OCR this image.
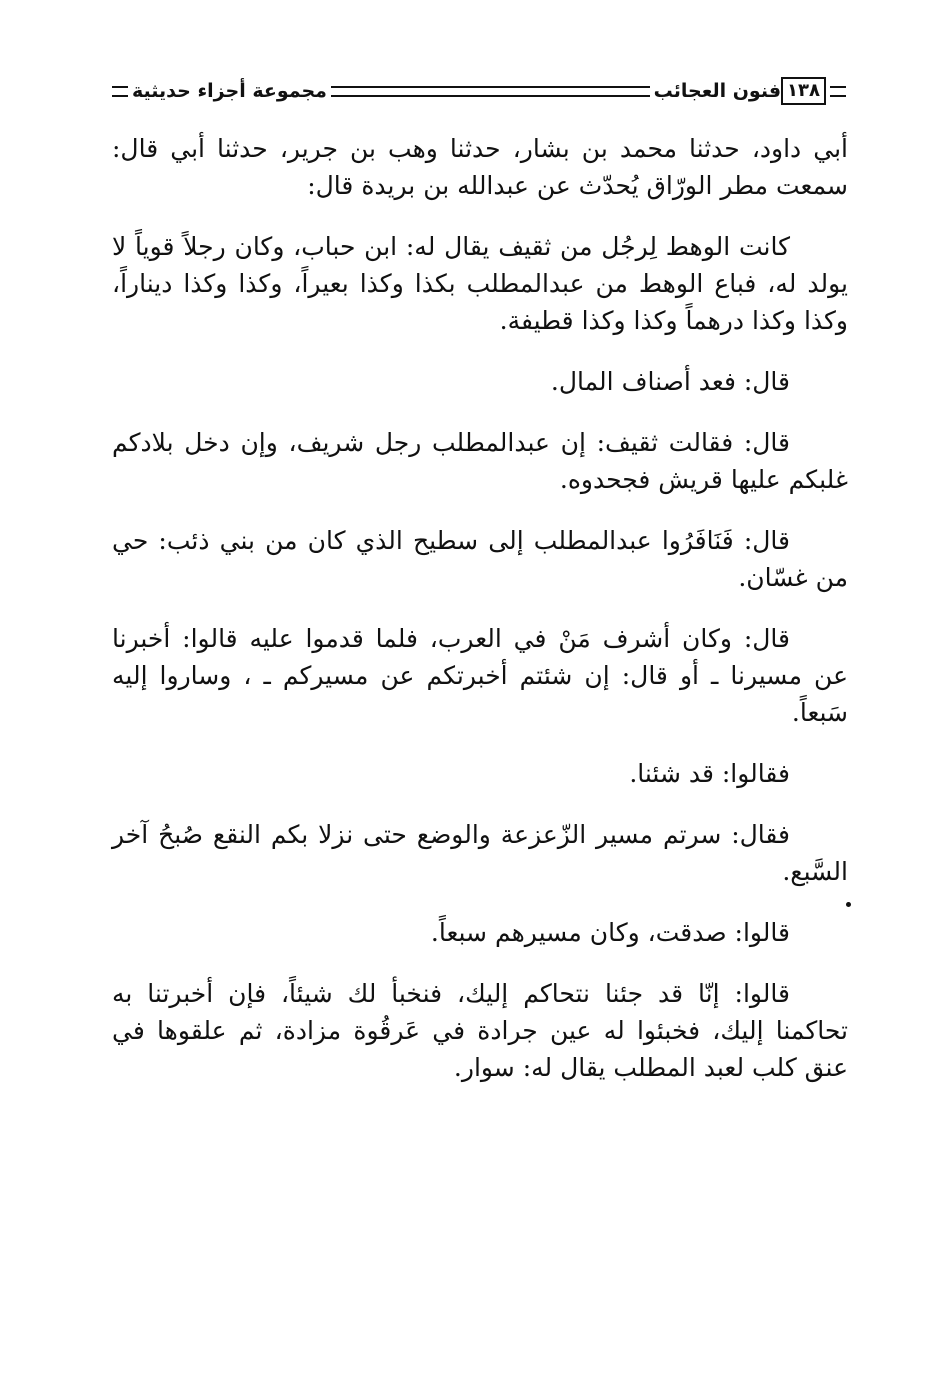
١٣٨
فنون العجائب
مجموعة أجزاء حديثية

أبي داود، حدثنا محمد بن بشار، حدثنا وهب بن جرير، حدثنا أبي قال: سمعت مطر الورّاق يُحدّث عن عبدالله بن بريدة قال:

كانت الوهط لِرجُل من ثقيف يقال له: ابن حباب، وكان رجلاً قوياً لا يولد له، فباع الوهط من عبدالمطلب بكذا وكذا بعيراً، وكذا وكذا ديناراً، وكذا وكذا درهماً وكذا وكذا قطيفة.

قال: فعد أصناف المال.

قال: فقالت ثقيف: إن عبدالمطلب رجل شريف، وإن دخل بلادكم غلبكم عليها قريش فجحدوه.

قال: فَنَافَرُوا عبدالمطلب إلى سطيح الذي كان من بني ذئب: حي من غسّان.

قال: وكان أشرف مَنْ في العرب، فلما قدموا عليه قالوا: أخبرنا عن مسيرنا ـ أو قال: إن شئتم أخبرتكم عن مسيركم ـ ، وساروا إليه سَبعاً.

فقالوا: قد شئنا.

فقال: سرتم مسير الزّعزعة والوضع حتى نزلا بكم النقع صُبحُ آخر السَّبع.

قالوا: صدقت، وكان مسيرهم سبعاً.

قالوا: إنّا قد جئنا نتحاكم إليك، فنخبأ لك شيئاً، فإن أخبرتنا به تحاكمنا إليك، فخبئوا له عين جرادة في عَرقُوة مزادة، ثم علقوها في عنق كلب لعبد المطلب يقال له: سوار.
